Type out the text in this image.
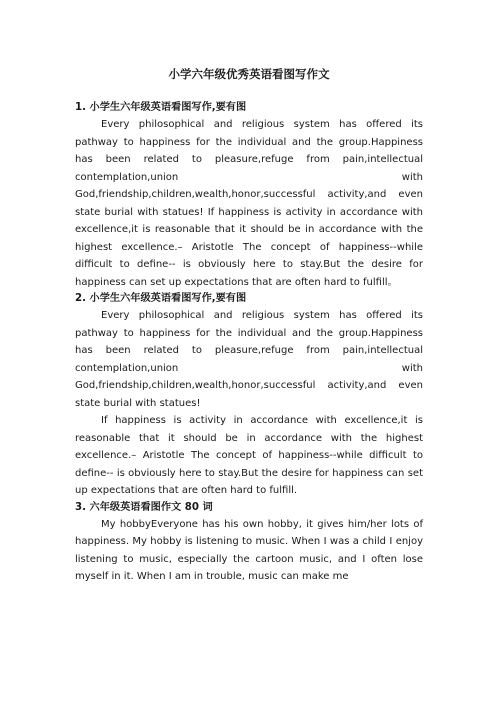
小学六年级优秀英语看图写作文
1. 小学生六年级英语看图写作,要有图

Every philosophical and religious system has offered its pathway to happiness for the individual and the group.Happiness has been related to pleasure,refuge from pain,intellectual contemplation,union with God,friendship,children,wealth,honor,successful activity,and even state burial with statues! If happiness is activity in accordance with excellence,it is reasonable that it should be in accordance with the highest excellence.– Aristotle The concept of happiness--while difficult to define-- is obviously here to stay.But the desire for happiness can set up expectations that are often hard to fulfill。

2. 小学生六年级英语看图写作,要有图

Every philosophical and religious system has offered its pathway to happiness for the individual and the group.Happiness has been related to pleasure,refuge from pain,intellectual contemplation,union with God,friendship,children,wealth,honor,successful activity,and even state burial with statues!

If happiness is activity in accordance with excellence,it is reasonable that it should be in accordance with the highest excellence.– Aristotle The concept of happiness--while difficult to define-- is obviously here to stay.But the desire for happiness can set up expectations that are often hard to fulfill.

3. 六年级英语看图作文 80 词

My hobbyEveryone has his own hobby, it gives him/her lots of happiness. My hobby is listening to music. When I was a child I enjoy listening to music, especially the cartoon music, and I often lose myself in it. When I am in trouble, music can make me
